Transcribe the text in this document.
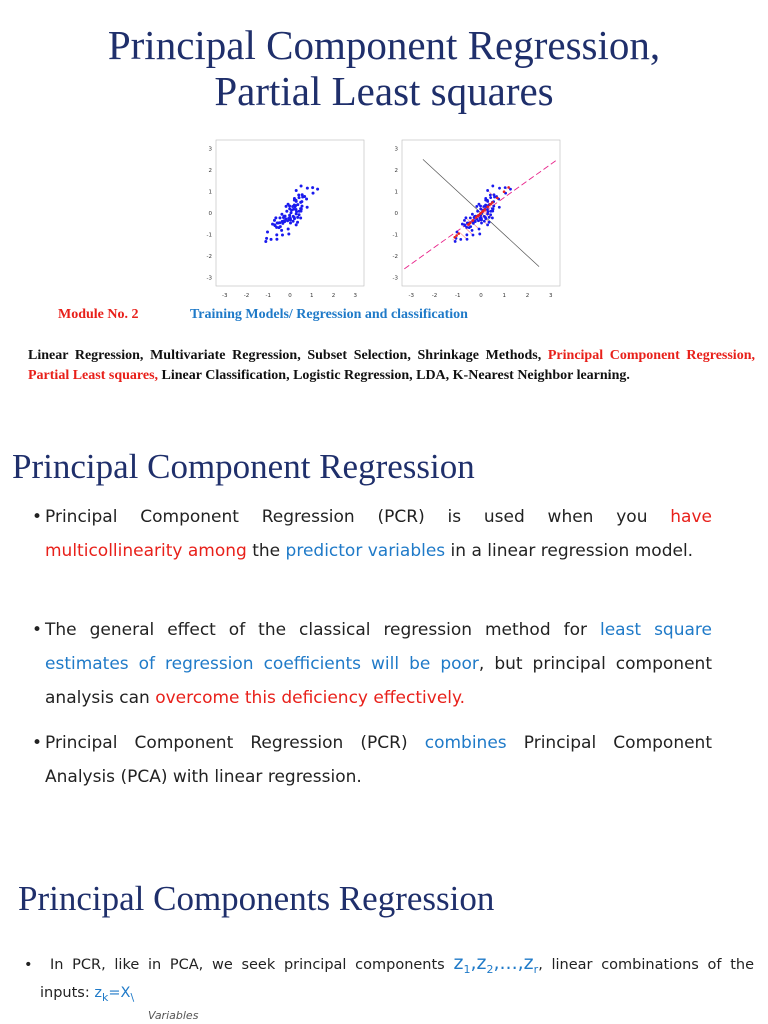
Principal Component Regression,
Partial Least squares
-3
-3
-2
-2
-1
-1
0
0
1
1
2
2
3
3
-3
-3
-2
-2
-1
-1
0
0
1
1
2
2
3
3
Module No. 2	Training Models/ Regression and classification
Linear Regression, Multivariate Regression, Subset Selection, Shrinkage Methods, Principal Component Regression, Partial Least squares, Linear Classification, Logistic Regression, LDA, K-Nearest Neighbor learning.
Principal Component Regression
• Principal Component Regression (PCR) is used when you have multicollinearity among the predictor variables in a linear regression model.
• The general effect of the classical regression method for least square estimates of regression coefficients will be poor, but principal component analysis can overcome this deficiency effectively.
• Principal Component Regression (PCR) combines Principal Component Analysis (PCA) with linear regression.
Principal Components Regression
•  In PCR, like in PCA, we seek principal components $z_1,z_2,...,z_r$, linear combinations of the
inputs: $z_k=X_\backslash$
Variables
